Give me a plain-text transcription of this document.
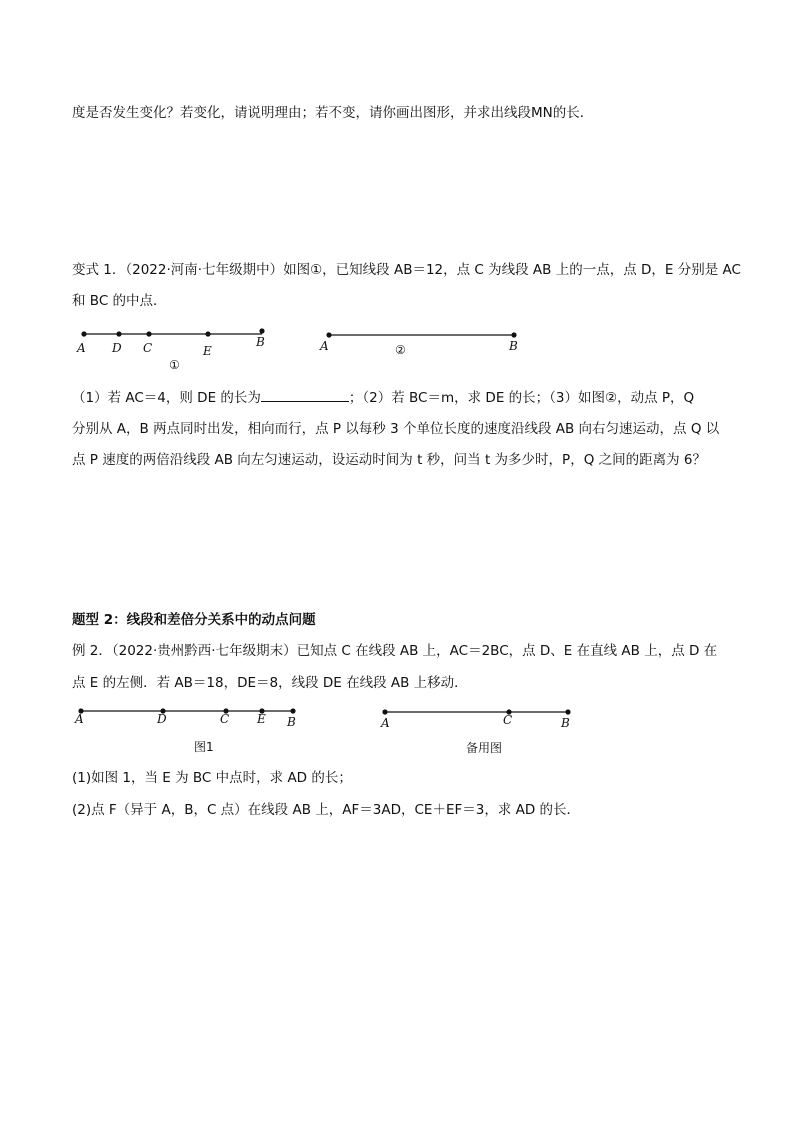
度是否发生变化？若变化，请说明理由；若不变，请你画出图形，并求出线段MN的长．
变式 1．（2022·河南·七年级期中）如图①，已知线段 AB＝12，点 C 为线段 AB 上的一点，点 D，E 分别是 AC
和 BC 的中点．
A D C	E
B
①
A	B
②
A	D	C E B
图1
A	C	B
备用图
（1）若 AC＝4，则 DE 的长为	；（2）若 BC＝m，求 DE 的长；（3）如图②，动点 P，Q
分别从 A，B 两点同时出发，相向而行，点 P 以每秒 3 个单位长度的速度沿线段 AB 向右匀速运动，点 Q 以
点 P 速度的两倍沿线段 AB 向左匀速运动，设运动时间为 t 秒，问当 t 为多少时，P，Q 之间的距离为 6？
题型 2：线段和差倍分关系中的动点问题
例 2．（2022·贵州黔西·七年级期末）已知点 C 在线段 AB 上，AC＝2BC，点 D、E 在直线 AB 上，点 D 在
点 E 的左侧．若 AB＝18，DE＝8，线段 DE 在线段 AB 上移动．
(1)如图 1，当 E 为 BC 中点时，求 AD 的长；
(2)点 F（异于 A，B，C 点）在线段 AB 上，AF＝3AD，CE＋EF＝3，求 AD 的长．
